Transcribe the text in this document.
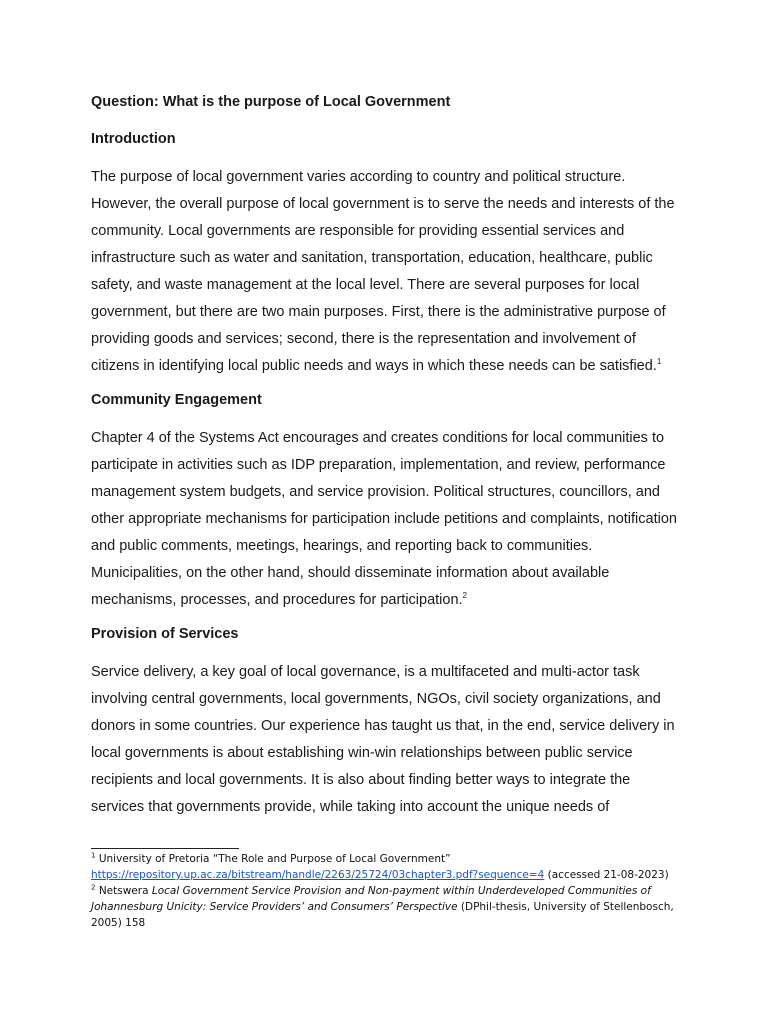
Question: What is the purpose of Local Government

Introduction

The purpose of local government varies according to country and political structure. However, the overall purpose of local government is to serve the needs and interests of the community. Local governments are responsible for providing essential services and infrastructure such as water and sanitation, transportation, education, healthcare, public safety, and waste management at the local level. There are several purposes for local government, but there are two main purposes. First, there is the administrative purpose of providing goods and services; second, there is the representation and involvement of citizens in identifying local public needs and ways in which these needs can be satisfied.$^1$

Community Engagement

Chapter 4 of the Systems Act encourages and creates conditions for local communities to participate in activities such as IDP preparation, implementation, and review, performance management system budgets, and service provision. Political structures, councillors, and other appropriate mechanisms for participation include petitions and complaints, notification and public comments, meetings, hearings, and reporting back to communities. Municipalities, on the other hand, should disseminate information about available mechanisms, processes, and procedures for participation.$^2$

Provision of Services

Service delivery, a key goal of local governance, is a multifaceted and multi-actor task involving central governments, local governments, NGOs, civil society organizations, and donors in some countries. Our experience has taught us that, in the end, service delivery in local governments is about establishing win-win relationships between public service recipients and local governments. It is also about finding better ways to integrate the services that governments provide, while taking into account the unique needs of

$^1$ University of Pretoria “The Role and Purpose of Local Government”
https://repository.up.ac.za/bitstream/handle/2263/25724/03chapter3.pdf?sequence=4 (accessed 21-08-2023)

$^2$ Netswera Local Government Service Provision and Non-payment within Underdeveloped Communities of Johannesburg Unicity: Service Providers’ and Consumers’ Perspective (DPhil-thesis, University of Stellenbosch, 2005) 158
